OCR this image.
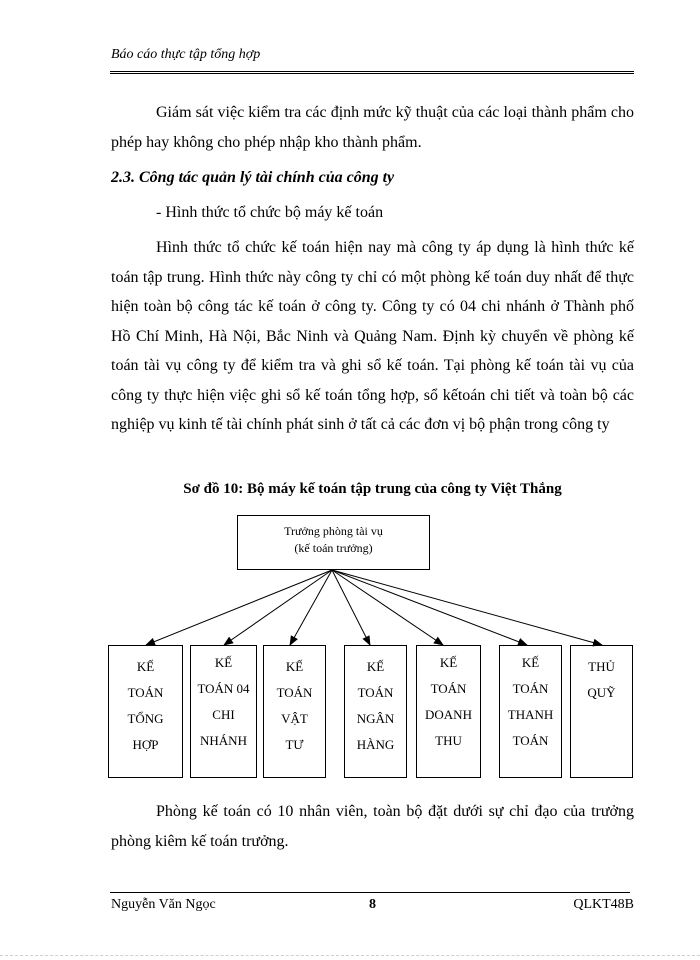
Báo cáo thực tập tổng hợp

Giám sát việc kiểm tra các định mức kỹ thuật của các loại thành phẩm cho phép hay không cho phép nhập kho thành phẩm.

2.3. Công tác quản lý tài chính của công ty
- Hình thức tổ chức bộ máy kế toán

Hình thức tổ chức kế toán hiện nay mà công ty áp dụng là hình thức kế toán tập trung. Hình thức này công ty chỉ có một phòng kế toán duy nhất để thực hiện toàn bộ công tác kế toán ở công ty. Công ty có 04 chi nhánh ở Thành phố Hồ Chí Minh, Hà Nội, Bắc Ninh và Quảng Nam. Định kỳ chuyển về phòng kế toán tài vụ công ty để kiểm tra và ghi sổ kế toán. Tại phòng kế toán tài vụ của công ty thực hiện việc ghi sổ kế toán tổng hợp, sổ kếtoán chi tiết và toàn bộ các nghiệp vụ kinh tế tài chính phát sinh ở tất cả các đơn vị bộ phận trong công ty

Sơ đồ 10: Bộ máy kế toán tập trung của công ty Việt Thắng
Trưởng phòng tài vụ
(kế toán trưởng)
KẾ
TOÁN
TỔNG
HỢP
KẾ
TOÁN 04
CHI
NHÁNH
KẾ
TOÁN
VẬT
TƯ
KẾ
TOÁN
NGÂN
HÀNG
KẾ
TOÁN
DOANH
THU
KẾ
TOÁN
THANH
TOÁN
THỦ
QUỸ

Phòng kế toán có 10 nhân viên, toàn bộ đặt dưới sự chỉ đạo của trưởng phòng kiêm kế toán trưởng.

Nguyễn Văn Ngọc	8	QLKT48B
